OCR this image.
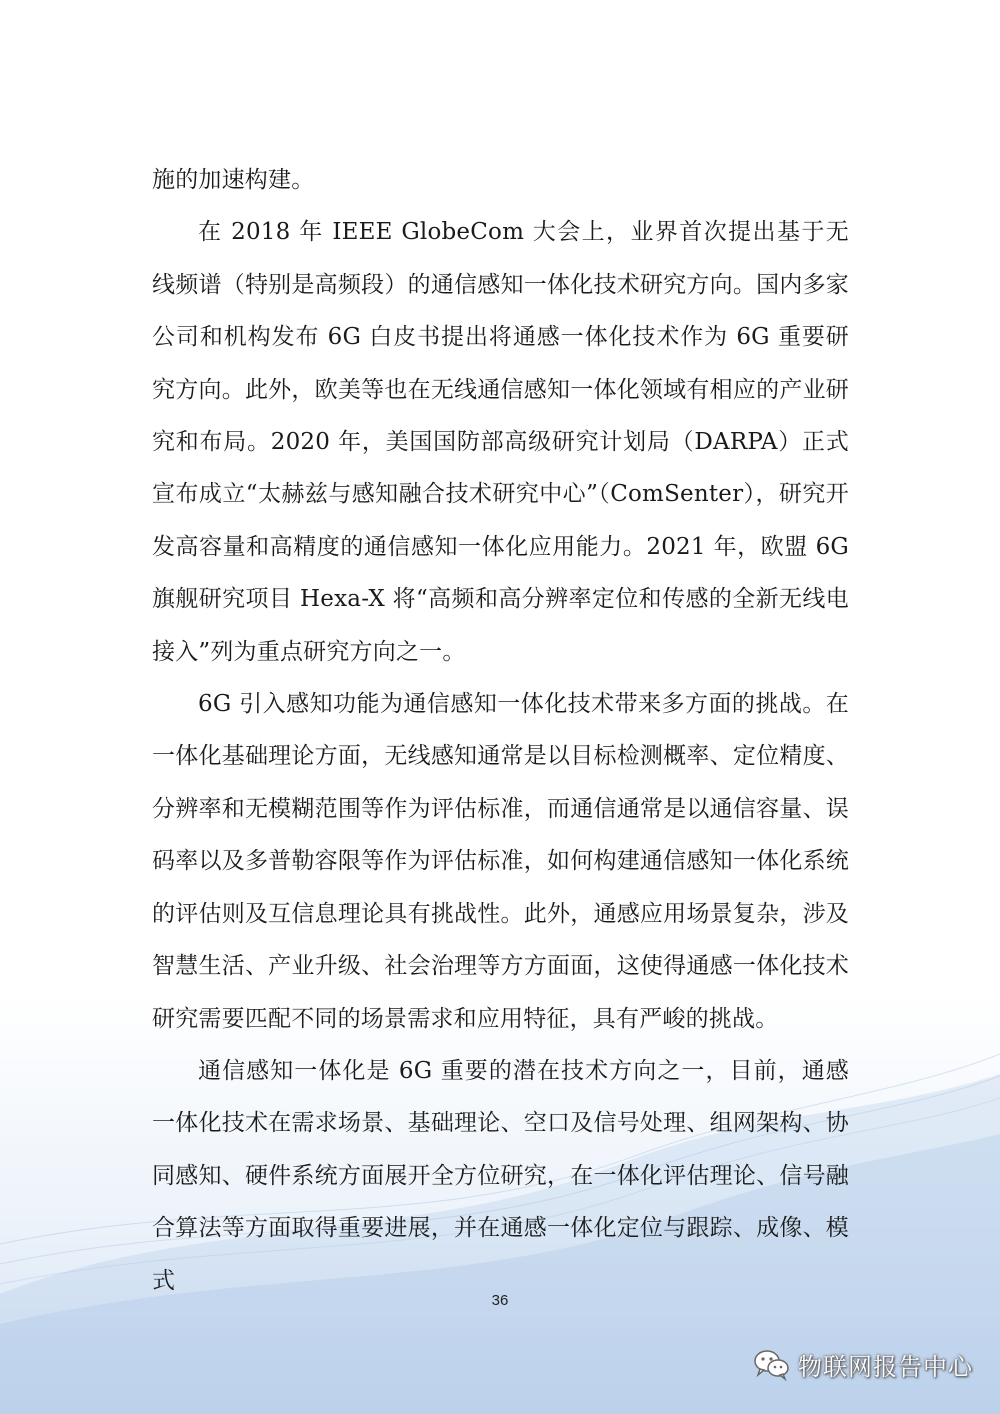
施的加速构建。

在 2018 年 IEEE GlobeCom 大会上，业界首次提出基于无线频谱（特别是高频段）的通信感知一体化技术研究方向。国内多家公司和机构发布 6G 白皮书提出将通感一体化技术作为 6G 重要研究方向。此外，欧美等也在无线通信感知一体化领域有相应的产业研究和布局。2020 年，美国国防部高级研究计划局（DARPA）正式宣布成立“太赫兹与感知融合技术研究中心”（ComSenter），研究开发高容量和高精度的通信感知一体化应用能力。2021 年，欧盟 6G 旗舰研究项目 Hexa-X 将“高频和高分辨率定位和传感的全新无线电接入”列为重点研究方向之一。

6G 引入感知功能为通信感知一体化技术带来多方面的挑战。在一体化基础理论方面，无线感知通常是以目标检测概率、定位精度、分辨率和无模糊范围等作为评估标准，而通信通常是以通信容量、误码率以及多普勒容限等作为评估标准，如何构建通信感知一体化系统的评估则及互信息理论具有挑战性。此外，通感应用场景复杂，涉及智慧生活、产业升级、社会治理等方方面面，这使得通感一体化技术研究需要匹配不同的场景需求和应用特征，具有严峻的挑战。

通信感知一体化是 6G 重要的潜在技术方向之一，目前，通感一体化技术在需求场景、基础理论、空口及信号处理、组网架构、协同感知、硬件系统方面展开全方位研究，在一体化评估理论、信号融合算法等方面取得重要进展，并在通感一体化定位与跟踪、成像、模式

36
物联网报告中心
